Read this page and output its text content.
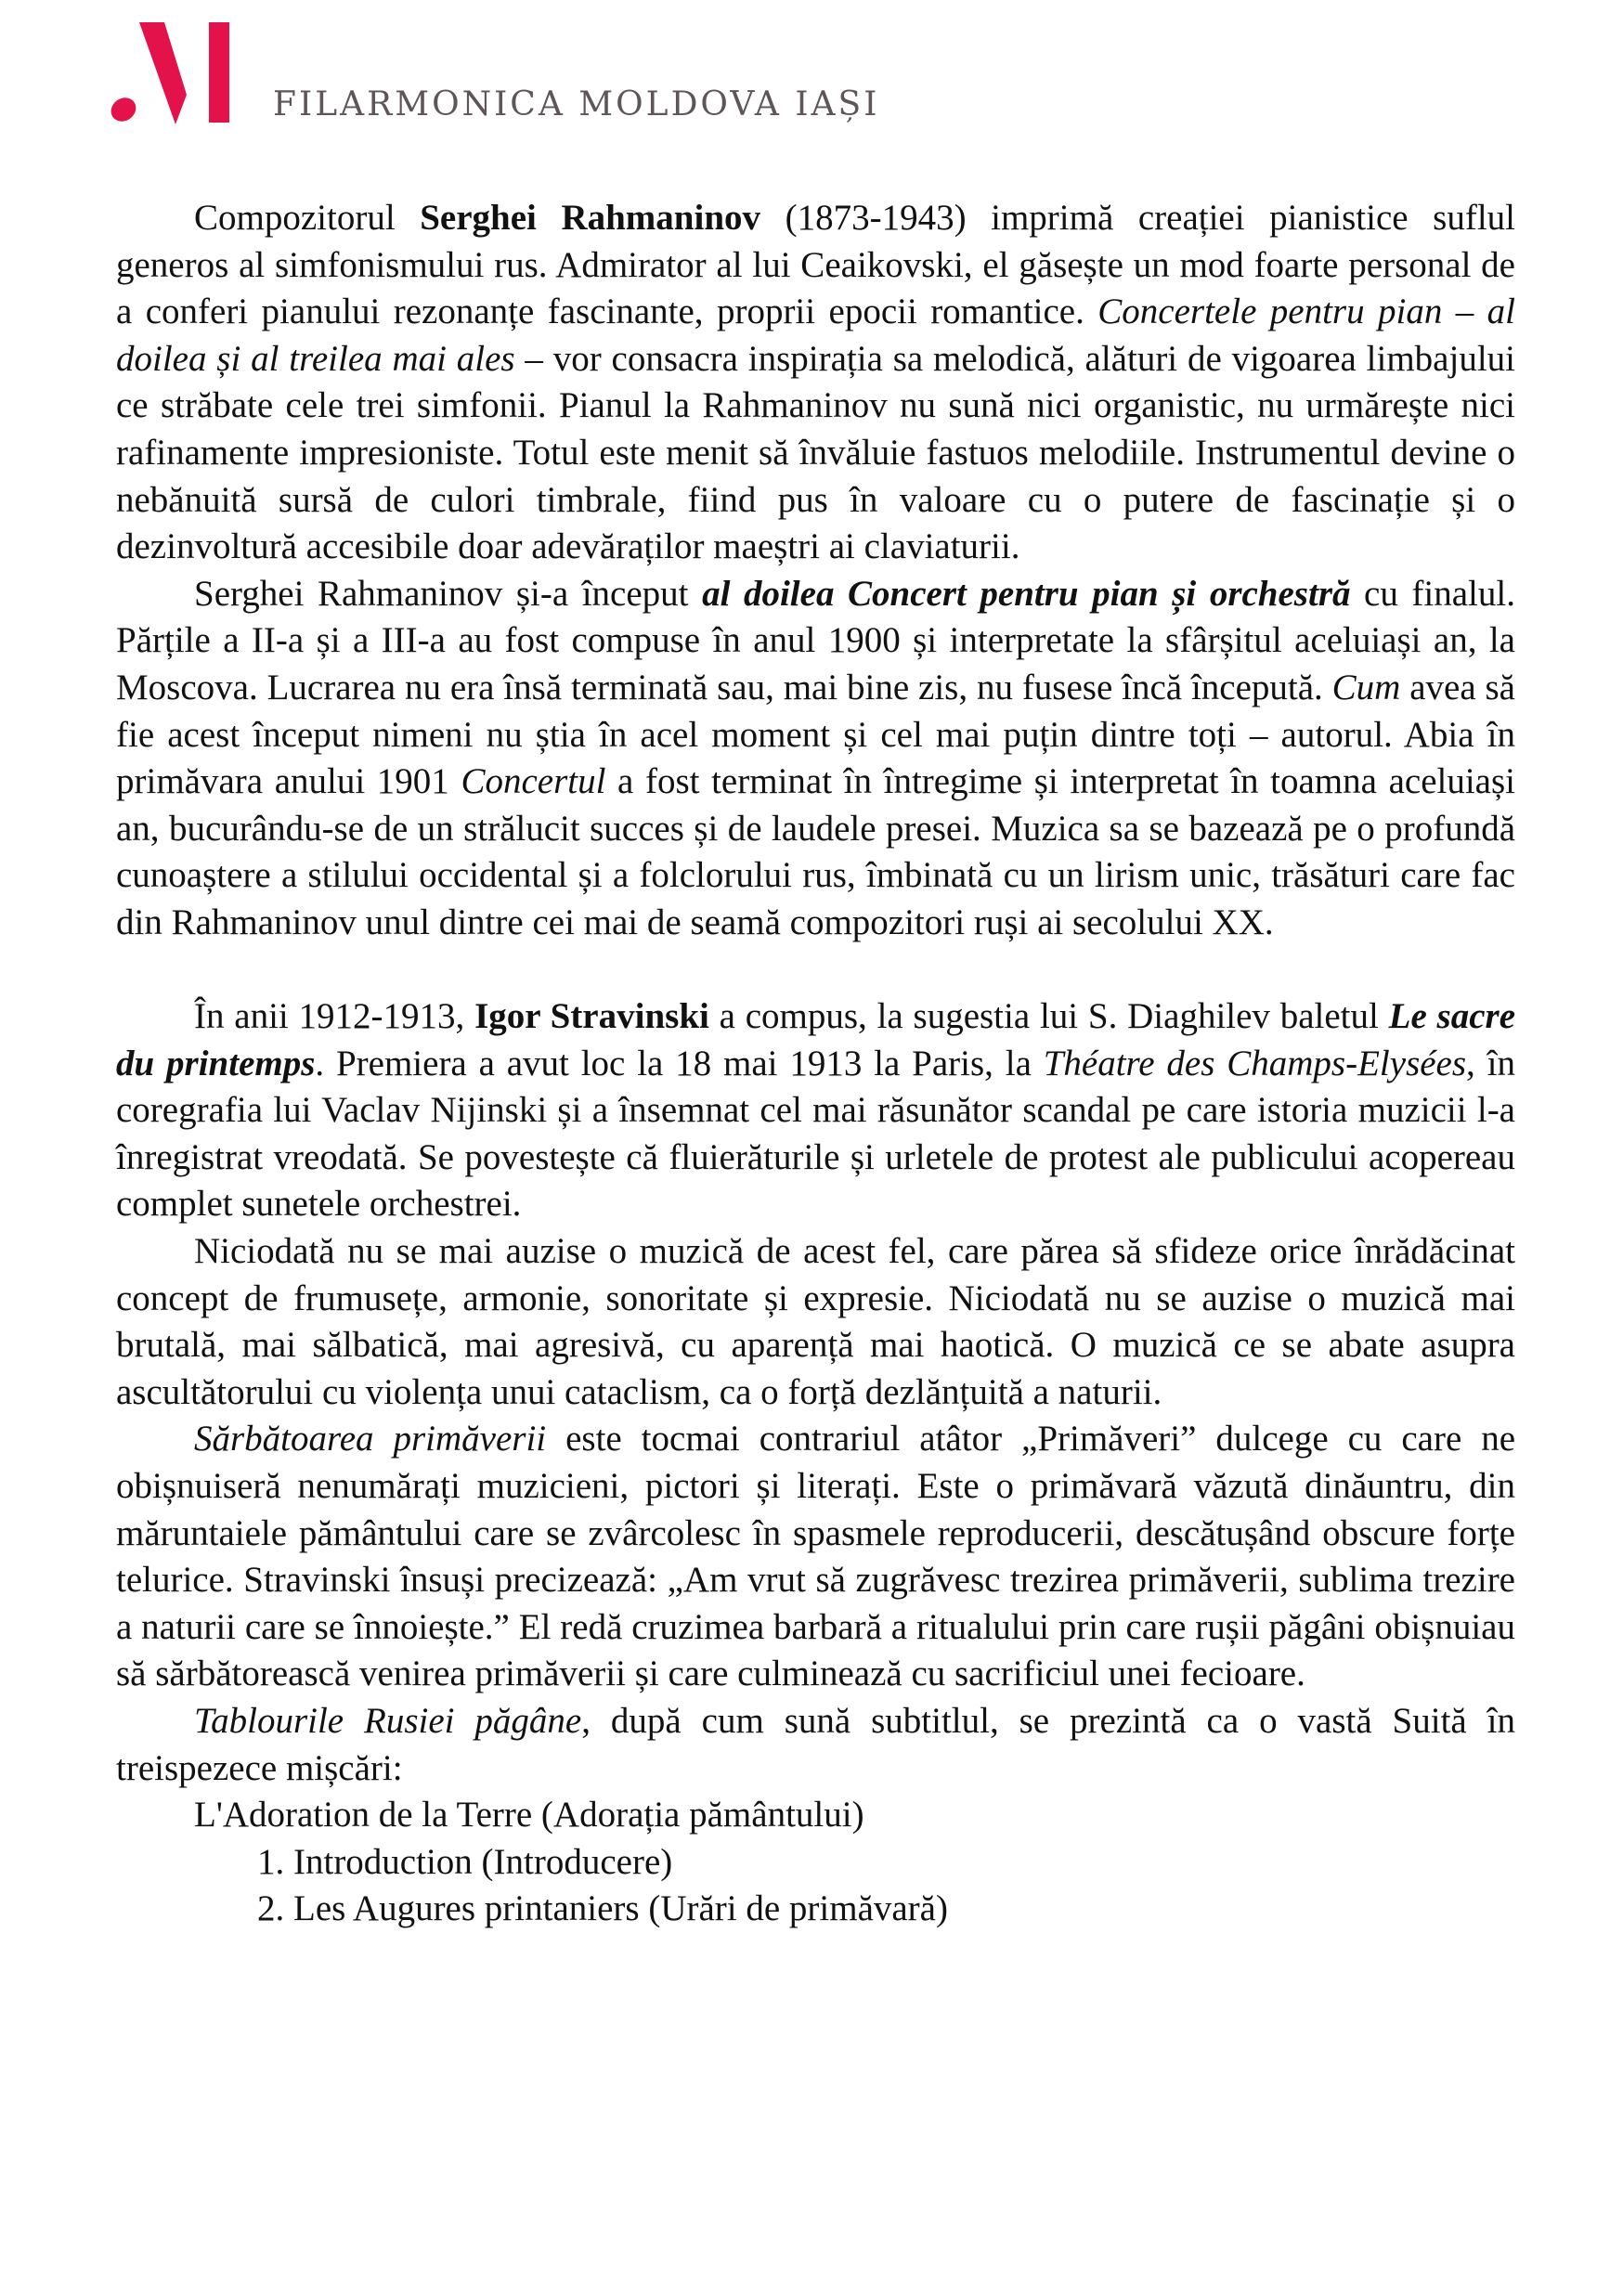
FILARMONICA MOLDOVA IAȘI

Compozitorul Serghei Rahmaninov (1873-1943) imprimă creației pianistice suflul generos al simfonismului rus. Admirator al lui Ceaikovski, el găsește un mod foarte personal de a conferi pianului rezonanțe fascinante, proprii epocii romantice. Concertele pentru pian – al doilea și al treilea mai ales – vor consacra inspirația sa melodică, alături de vigoarea limbajului ce străbate cele trei simfonii. Pianul la Rahmaninov nu sună nici organistic, nu urmărește nici rafinamente impresioniste. Totul este menit să învăluie fastuos melodiile. Instrumentul devine o nebănuită sursă de culori timbrale, fiind pus în valoare cu o putere de fascinație și o dezinvoltură accesibile doar adevăraților maeștri ai claviaturii.

Serghei Rahmaninov și-a început al doilea Concert pentru pian și orchestră cu finalul. Părțile a II-a și a III-a au fost compuse în anul 1900 și interpretate la sfârșitul aceluiași an, la Moscova. Lucrarea nu era însă terminată sau, mai bine zis, nu fusese încă începută. Cum avea să fie acest început nimeni nu știa în acel moment și cel mai puțin dintre toți – autorul. Abia în primăvara anului 1901 Concertul a fost terminat în întregime și interpretat în toamna aceluiași an, bucurându-se de un strălucit succes și de laudele presei. Muzica sa se bazează pe o profundă cunoaștere a stilului occidental și a folclorului rus, îmbinată cu un lirism unic, trăsături care fac din Rahmaninov unul dintre cei mai de seamă compozitori ruși ai secolului XX.

În anii 1912-1913, Igor Stravinski a compus, la sugestia lui S. Diaghilev baletul Le sacre du printemps. Premiera a avut loc la 18 mai 1913 la Paris, la Théatre des Champs-Elysées, în coregrafia lui Vaclav Nijinski și a însemnat cel mai răsunător scandal pe care istoria muzicii l-a înregistrat vreodată. Se povestește că fluierăturile și urletele de protest ale publicului acopereau complet sunetele orchestrei.

Niciodată nu se mai auzise o muzică de acest fel, care părea să sfideze orice înrădăcinat concept de frumusețe, armonie, sonoritate și expresie. Niciodată nu se auzise o muzică mai brutală, mai sălbatică, mai agresivă, cu aparență mai haotică. O muzică ce se abate asupra ascultătorului cu violența unui cataclism, ca o forță dezlănțuită a naturii.

Sărbătoarea primăverii este tocmai contrariul atâtor „Primăveri” dulcege cu care ne obișnuiseră nenumărați muzicieni, pictori și literați. Este o primăvară văzută dinăuntru, din măruntaiele pământului care se zvârcolesc în spasmele reproducerii, descătușând obscure forțe telurice. Stravinski însuși precizează: „Am vrut să zugrăvesc trezirea primăverii, sublima trezire a naturii care se înnoiește.” El redă cruzimea barbară a ritualului prin care rușii păgâni obișnuiau să sărbătorească venirea primăverii și care culminează cu sacrificiul unei fecioare.

Tablourile Rusiei păgâne, după cum sună subtitlul, se prezintă ca o vastă Suită în treispezece mișcări:

L'Adoration de la Terre (Adorația pământului)

1. Introduction (Introducere)

2. Les Augures printaniers (Urări de primăvară)
